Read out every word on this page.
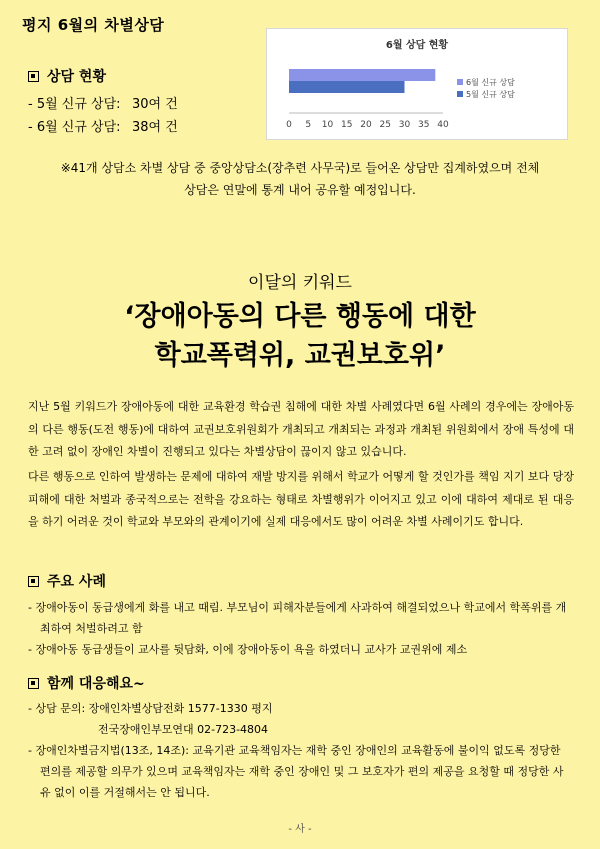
평지 6월의 차별상담
상담 현황
- 5월 신규 상담: 30여 건
- 6월 신규 상담: 38여 건
6월 상담 현황
0 5 10 15 20 25 30 35 40
6월 신규 상담
5월 신규 상담
※41개 상담소 차별 상담 중 중앙상담소(장추련 사무국)로 들어온 상담만 집계하였으며 전체 상담은 연말에 통계 내어 공유할 예정입니다.
이달의 키워드
‘장애아동의 다른 행동에 대한
학교폭력위, 교권보호위’
지난 5월 키워드가 장애아동에 대한 교육환경 학습권 침해에 대한 차별 사례였다면 6월 사례의 경우에는 장애아동의 다른 행동(도전 행동)에 대하여 교권보호위원회가 개최되고 개최되는 과정과 개최된 위원회에서 장애 특성에 대한 고려 없이 장애인 차별이 진행되고 있다는 차별상담이 끊이지 않고 있습니다.
다른 행동으로 인하여 발생하는 문제에 대하여 재발 방지를 위해서 학교가 어떻게 할 것인가를 책임 지기 보다 당장 피해에 대한 처벌과 종국적으로는 전학을 강요하는 형태로 차별행위가 이어지고 있고 이에 대하여 제대로 된 대응을 하기 어려운 것이 학교와 부모와의 관계이기에 실제 대응에서도 많이 어려운 차별 사례이기도 합니다.
주요 사례
- 장애아동이 동급생에게 화를 내고 때림. 부모님이 피해자분들에게 사과하여 해결되었으나 학교에서 학폭위를 개최하여 처벌하려고 함
- 장애아동 동급생들이 교사를 뒷담화, 이에 장애아동이 욕을 하였더니 교사가 교권위에 제소
함께 대응해요~
- 상담 문의: 장애인차별상담전화 1577-1330 평지
전국장애인부모연대 02-723-4804
- 장애인차별금지법(13조, 14조): 교육기관 교육책임자는 재학 중인 장애인의 교육활동에 불이익 없도록 정당한 편의를 제공할 의무가 있으며 교육책임자는 재학 중인 장애인 및 그 보호자가 편의 제공을 요청할 때 정당한 사유 없이 이를 거절해서는 안 됩니다.
- 사 -
